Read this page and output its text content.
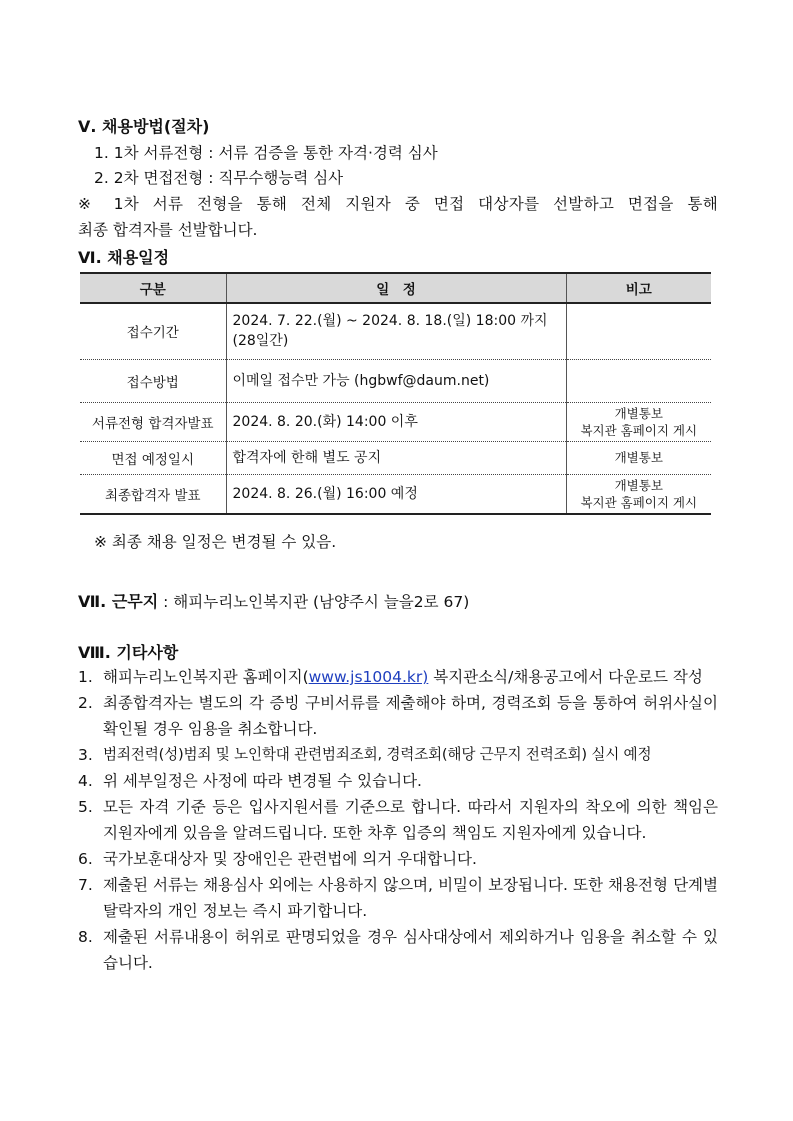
Ⅴ. 채용방법(절차)
1. 1차 서류전형 : 서류 검증을 통한 자격·경력 심사
2. 2차 면접전형 : 직무수행능력 심사
※ 1차 서류 전형을 통해 전체 지원자 중 면접 대상자를 선발하고 면접을 통해
최종 합격자를 선발합니다.
Ⅵ. 채용일정
구분	일　정	비고
접수기간	2024. 7. 22.(월) ~ 2024. 8. 18.(일) 18:00 까지
(28일간)	

접수방법	이메일 접수만 가능 (hgbwf@daum.net)	
서류전형 합격자발표	2024. 8. 20.(화) 14:00 이후	개별통보
복지관 홈페이지 게시

면접 예정일시	합격자에 한해 별도 공지	개별통보
최종합격자 발표	2024. 8. 26.(월) 16:00 예정	개별통보
복지관 홈페이지 게시
※ 최종 채용 일정은 변경될 수 있음.
Ⅶ. 근무지 : 해피누리노인복지관 (남양주시 늘을2로 67)
Ⅷ. 기타사항
1. 해피누리노인복지관 홈페이지(www.js1004.kr) 복지관소식/채용공고에서 다운로드 작성
2. 최종합격자는 별도의 각 증빙 구비서류를 제출해야 하며, 경력조회 등을 통하여 허위사실이 확인될 경우 임용을 취소합니다.
3. 범죄전력(성)범죄 및 노인학대 관련범죄조회, 경력조회(해당 근무지 전력조회) 실시 예정
4. 위 세부일정은 사정에 따라 변경될 수 있습니다.
5. 모든 자격 기준 등은 입사지원서를 기준으로 합니다. 따라서 지원자의 착오에 의한 책임은 지원자에게 있음을 알려드립니다. 또한 차후 입증의 책임도 지원자에게 있습니다.
6. 국가보훈대상자 및 장애인은 관련법에 의거 우대합니다.
7. 제출된 서류는 채용심사 외에는 사용하지 않으며, 비밀이 보장됩니다. 또한 채용전형 단계별 탈락자의 개인 정보는 즉시 파기합니다.
8. 제출된 서류내용이 허위로 판명되었을 경우 심사대상에서 제외하거나 임용을 취소할 수 있습니다.
